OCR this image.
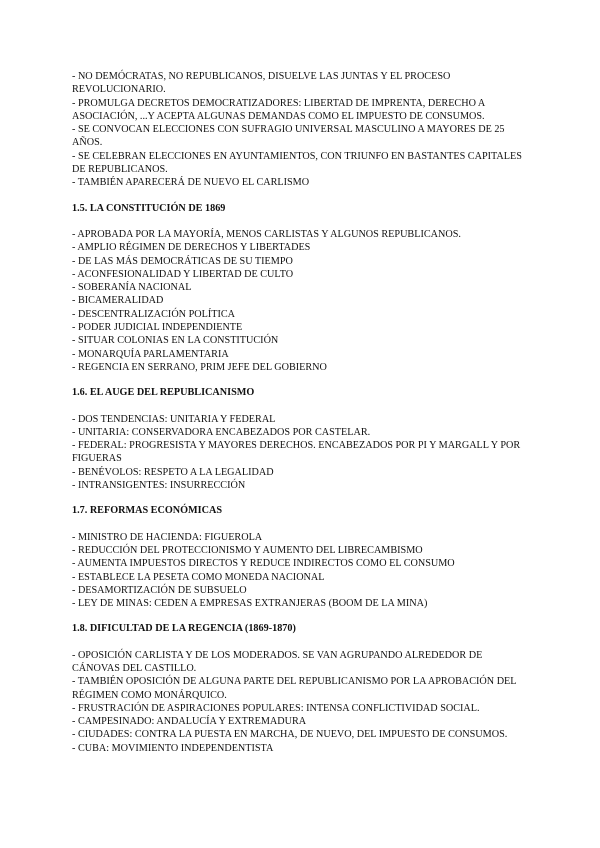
- NO DEMÓCRATAS, NO REPUBLICANOS, DISUELVE LAS JUNTAS Y EL PROCESO REVOLUCIONARIO.
- PROMULGA DECRETOS DEMOCRATIZADORES: LIBERTAD DE IMPRENTA, DERECHO A ASOCIACIÓN, ...Y ACEPTA ALGUNAS DEMANDAS COMO EL IMPUESTO DE CONSUMOS.
- SE CONVOCAN ELECCIONES CON SUFRAGIO UNIVERSAL MASCULINO A MAYORES DE 25 AÑOS.
- SE CELEBRAN ELECCIONES EN AYUNTAMIENTOS, CON TRIUNFO EN BASTANTES CAPITALES DE REPUBLICANOS.
- TAMBIÉN APARECERÁ DE NUEVO EL CARLISMO
1.5. LA CONSTITUCIÓN DE 1869
- APROBADA POR LA MAYORÍA, MENOS CARLISTAS Y ALGUNOS REPUBLICANOS.
- AMPLIO RÉGIMEN DE DERECHOS Y LIBERTADES
- DE LAS MÁS DEMOCRÁTICAS DE SU TIEMPO
- ACONFESIONALIDAD Y LIBERTAD DE CULTO
- SOBERANÍA NACIONAL
- BICAMERALIDAD
- DESCENTRALIZACIÓN POLÍTICA
- PODER JUDICIAL INDEPENDIENTE
- SITUAR COLONIAS EN LA CONSTITUCIÓN
- MONARQUÍA PARLAMENTARIA
- REGENCIA EN SERRANO, PRIM JEFE DEL GOBIERNO
1.6. EL AUGE DEL REPUBLICANISMO
- DOS TENDENCIAS: UNITARIA Y FEDERAL
- UNITARIA: CONSERVADORA ENCABEZADOS POR CASTELAR.
- FEDERAL: PROGRESISTA Y MAYORES DERECHOS. ENCABEZADOS POR PI Y MARGALL Y POR FIGUERAS
- BENÉVOLOS: RESPETO A LA LEGALIDAD
- INTRANSIGENTES: INSURRECCIÓN
1.7. REFORMAS ECONÓMICAS
- MINISTRO DE HACIENDA: FIGUEROLA
- REDUCCIÓN DEL PROTECCIONISMO Y AUMENTO DEL LIBRECAMBISMO
- AUMENTA IMPUESTOS DIRECTOS Y REDUCE INDIRECTOS COMO EL CONSUMO
- ESTABLECE LA PESETA COMO MONEDA NACIONAL
- DESAMORTIZACIÓN DE SUBSUELO
- LEY DE MINAS: CEDEN A EMPRESAS EXTRANJERAS (BOOM DE LA MINA)
1.8. DIFICULTAD DE LA REGENCIA (1869-1870)
- OPOSICIÓN CARLISTA Y DE LOS MODERADOS. SE VAN AGRUPANDO ALREDEDOR DE CÁNOVAS DEL CASTILLO.
- TAMBIÉN OPOSICIÓN DE ALGUNA PARTE DEL REPUBLICANISMO POR LA APROBACIÓN DEL RÉGIMEN COMO MONÁRQUICO.
- FRUSTRACIÓN DE ASPIRACIONES POPULARES: INTENSA CONFLICTIVIDAD SOCIAL.
- CAMPESINADO: ANDALUCÍA Y EXTREMADURA
- CIUDADES: CONTRA LA PUESTA EN MARCHA, DE NUEVO, DEL IMPUESTO DE CONSUMOS.
- CUBA: MOVIMIENTO INDEPENDENTISTA
